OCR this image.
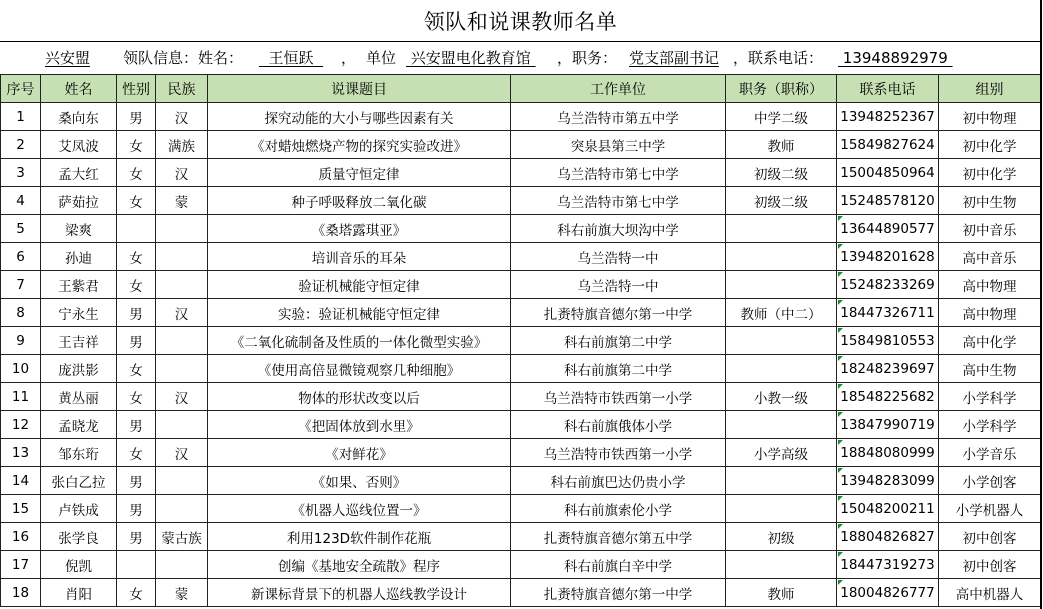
领队和说课教师名单
兴安盟 领队信息：姓名：	王恒跃	， 单位 兴安盟电化教育馆	，职务： 党支部副书记 ，联系电话：	13948892979
序号	姓名	性别	民族	说课题目	工作单位	职务（职称）	联系电话	组别
1	桑向东	男	汉	探究动能的大小与哪些因素有关	乌兰浩特市第五中学	中学二级	13948252367	初中物理
2	艾凤波	女	满族	《对蜡烛燃烧产物的探究实验改进》	突泉县第三中学	教师	15849827624	初中化学
3	孟大红	女	汉	质量守恒定律	乌兰浩特市第七中学	初级二级	15004850964	初中化学
4	萨茹拉	女	蒙	种子呼吸释放二氧化碳	乌兰浩特市第七中学	初级二级	15248578120	初中生物
5	梁爽			《桑塔露琪亚》	科右前旗大坝沟中学		13644890577	初中音乐
6	孙迪	女		培训音乐的耳朵	乌兰浩特一中		13948201628	高中音乐
7	王紫君	女		验证机械能守恒定律	乌兰浩特一中		15248233269	高中物理
8	宁永生	男	汉	实验：验证机械能守恒定律	扎赉特旗音德尔第一中学	教师（中二）	18447326711	高中物理
9	王吉祥	男		《二氧化硫制备及性质的一体化微型实验》	科右前旗第二中学		15849810553	高中化学
10	庞洪影	女		《使用高倍显微镜观察几种细胞》	科右前旗第二中学		18248239697	高中生物
11	黄丛丽	女	汉	物体的形状改变以后	乌兰浩特市铁西第一小学	小教一级	18548225682	小学科学
12	孟晓龙	男		《把固体放到水里》	科右前旗俄体小学		13847990719	小学科学
13	邹东珩	女	汉	《对鲜花》	乌兰浩特市铁西第一小学	小学高级	18848080999	小学音乐
14	张白乙拉	男		《如果、否则》	科右前旗巴达仍贵小学		13948283099	小学创客
15	卢铁成	男		《机器人巡线位置一》	科右前旗索伦小学		15048200211	小学机器人
16	张学良	男	蒙古族	利用123D软件制作花瓶	扎赉特旗音德尔第五中学	初级	18804826827	初中创客
17	倪凯			创编《基地安全疏散》程序	科右前旗白辛中学		18447319273	初中创客
18	肖阳	女	蒙	新课标背景下的机器人巡线教学设计	扎赉特旗音德尔第一中学	教师	18004826777	高中机器人
